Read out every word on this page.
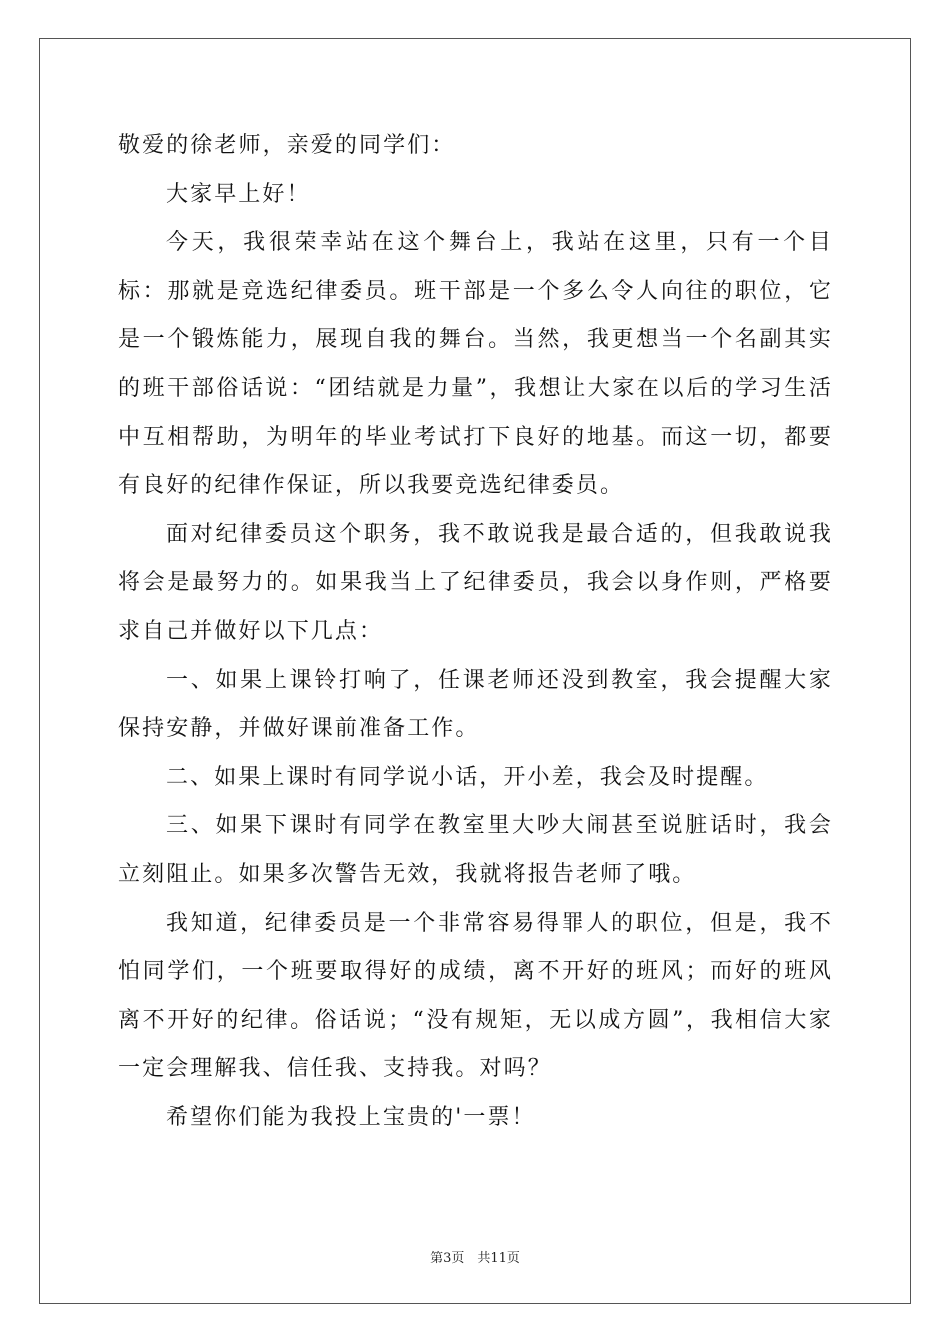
敬爱的徐老师，亲爱的同学们：

大家早上好！

今天，我很荣幸站在这个舞台上，我站在这里，只有一个目标：那就是竞选纪律委员。班干部是一个多么令人向往的职位，它是一个锻炼能力，展现自我的舞台。当然，我更想当一个名副其实的班干部俗话说：“团结就是力量”，我想让大家在以后的学习生活中互相帮助，为明年的毕业考试打下良好的地基。而这一切，都要有良好的纪律作保证，所以我要竞选纪律委员。

面对纪律委员这个职务，我不敢说我是最合适的，但我敢说我将会是最努力的。如果我当上了纪律委员，我会以身作则，严格要求自己并做好以下几点：

一、如果上课铃打响了，任课老师还没到教室，我会提醒大家保持安静，并做好课前准备工作。

二、如果上课时有同学说小话，开小差，我会及时提醒。

三、如果下课时有同学在教室里大吵大闹甚至说脏话时，我会立刻阻止。如果多次警告无效，我就将报告老师了哦。

我知道，纪律委员是一个非常容易得罪人的职位，但是，我不怕同学们，一个班要取得好的成绩，离不开好的班风；而好的班风离不开好的纪律。俗话说；“没有规矩，无以成方圆”，我相信大家一定会理解我、信任我、支持我。对吗？

希望你们能为我投上宝贵的'一票！

第3页　共11页
